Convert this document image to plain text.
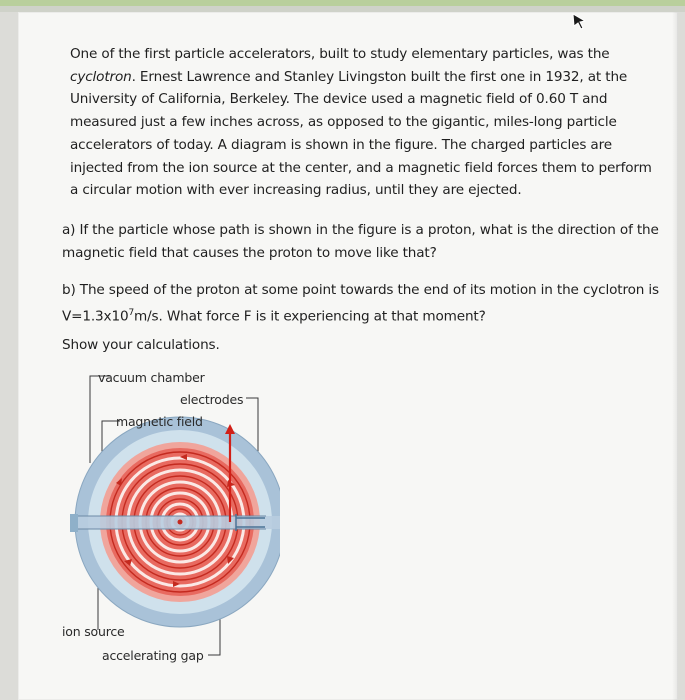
One of the first particle accelerators, built to study elementary particles, was the cyclotron. Ernest Lawrence and Stanley Livingston built the first one in 1932, at the University of California, Berkeley. The device used a magnetic field of 0.60 T and measured just a few inches across, as opposed to the gigantic, miles-long particle accelerators of today. A diagram is shown in the figure. The charged particles are injected from the ion source at the center, and a magnetic field forces them to perform a circular motion with ever increasing radius, until they are ejected.
a) If the particle whose path is shown in the figure is a proton, what is the direction of the magnetic field that causes the proton to move like that?
b) The speed of the proton at some point towards the end of its motion in the cyclotron is $V=1.3x10^7m/s$. What force F is it experiencing at that moment?
Show your calculations.
vacuum chamber
electrodes
magnetic field
ion source
accelerating gap
